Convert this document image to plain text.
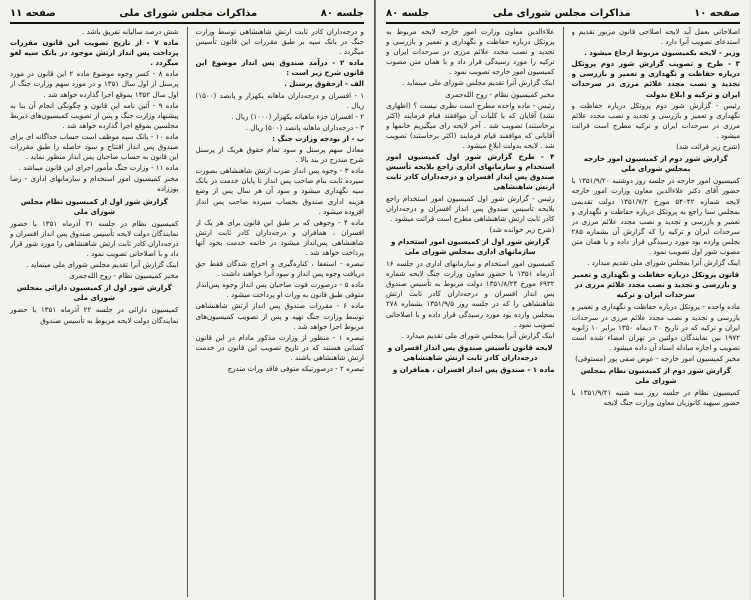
جلسه ۸۰
مذاکرات مجلس شورای ملی
صفحه ۱۱

و درجه‌داران کادر ثابت ارتش شاهنشاهی توسط وزارت جنگ در بانک سپه بر طبق مقررات این قانون تأسیس میگردد .

ماده ۲ - درآمد صندوق پس انداز موضوع این قانون شرح زیر است :

الف - ازحقوق پرسنل .

۱ - افسران و درجه‌داران ماهانه یکهزار و پانصد (۱۵۰۰) ریال .

۲ - افسران جزء ماهیانه یکهزار (۱۰۰۰) ریال .

۳ - درجه‌داران ماهانه پانصد (۵۰۰) ریال .

ب - از بودجه وزارت جنگ :

معادل سهم پرسنل و سود تمام حقوق هریک از پرسنل شرح مندرج در بند بالا .

ماده ۳ - وجوه پس انداز ضرب ارتش شاهنشاهی بصورت سپرده ثابت بنام صاحب پس انداز تا پایان خدمت در بانک سپه نگهداری میشود و سود آن هر سال پس از وضع هزینه اداری صندوق بحساب سپرده صاحب پس انداز افزوده میشود .

ماده ۴ - وجوهی که بر طبق این قانون برای هر یک از افسران ، همافران و درجه‌داران کادر ثابت ارتش شاهنشاهی پس‌انداز میشود در خاتمه خدمت بخود آنها پرداخت خواهد شد .

تبصره - استعفا ، کناره‌گیری و اخراج شدگان فقط حق دریافت وجوه پس انداز و سود آنرا خواهند داشت .

ماده ۵ - درصورت فوت صاحبان پس انداز وجوه پس‌انداز متوفی طبق قانون به وراث او پرداخت میشود .

ماده ۶ - مقررات صندوق پس انداز ارتش شاهنشاهی توسط وزارت جنگ تهیه و پس از تصویب کمیسیون‌های مربوط اجرا خواهد شد .

تبصره ۱ - منظور از وزارت مذکور مادام در این قانون کسانی هستند که در تاریخ تصویب این قانون در خدمت ارتش شاهنشاهی باشند .

تبصره ۲ - درصورتیکه متوفی فاقد وراث مندرج

شش درصد سالیانه تفریق باشد .

ماده ۷ - از تاریخ تصویب این قانون مقررات پرداخت پس انداز ارتش موجود در بانک سپه لغو میگردد .

ماده ۸ - کسر وجوه موضوع ماده ۲ این قانون در مورد پرسنل از اول سال ۱۳۵۱ و در مورد سهم وزارت جنگ از اول سال ۱۳۵۲ بموقع اجرا گذارده خواهد شد .

ماده ۹ - آئین نامه این قانون و چگونگی انجام آن بنا به پیشنهاد وزارت جنگ و پس از تصویب کمیسیون‌های ذیربط مجلسین بموقع اجرا گذارده خواهد شد .

ماده ۱۰ - بانک سپه موظف است حساب جداگانه ای برای صندوق پس انداز افتتاح و سود حاصله را طبق مقررات این قانون به حساب صاحبان پس انداز منظور نماید .

ماده ۱۱ - وزارت جنگ مأمور اجرای این قانون میباشد .

مخبر کمیسیون امور استخدام و سازمانهای اداری - رضا پوززاده

گزارش شور اول از کمیسیون نظام مجلس شورای ملی

کمیسیون نظام در جلسه ۲۱ آذرماه ۱۳۵۱ با حضور نمایندگان دولت لایحه تأسیس صندوق پس انداز افسران و درجه‌داران کادر ثابت ارتش شاهنشاهی را مورد شور قرار داد و با اصلاحاتی تصویب نمود .

اینک گزارش آنرا تقدیم مجلس شورای ملی مینماید .

مخبر کمیسیون نظام - روح الله‌جمری

گزارش شور اول از کمیسیون دارائی بمجلس شورای ملی

کمیسیون دارائی در جلسه ۲۲ آذرماه ۱۳۵۱ با حضور نمایندگان دولت لایحه مربوط به تأسیس صندوق

صفحه ۱۰
مذاکرات مجلس شورای ملی
جلسه ۸۰

اصلاحاتی بعمل آید لایحه اصلاحی قانون مزبور تقدیم و استدعای تصویب آنرا دارد .

وزیر - لایحه بکمیسیون مربوط ارجاع میشود .

۳ - طرح و تصویب گزارش شور دوم پروتکل درباره حفاظت و نگهداری و تعمیر و بازرسی و تجدید و نصب مجدد علائم مرزی در سرحدات ایران و ترکیه و ابلاغ بدولت

رئیس - گزارش شور دوم پروتکل درباره حفاظت و نگهداری و تعمیر و بازرسی و تجدید و نصب مجدد علائم مرزی در سرحدات ایران و ترکیه مطرح است قرائت میشود .

(شرح زیر قرائت شد)

گزارش شور دوم از کمیسیون امور خارجه بمجلس شورای ملی

کمیسیون امور خارجه در جلسه روز دوشنبه ۱۳۵۱/۹/۲۰ با حضور آقای دکتر علاءالدین معاون وزارت امور خارجه لایحه شماره ۵۴۰۴۲ مورخ ۱۳۵۱/۷/۲ دولت تقدیمی بمجلس سنا راجع به پروتکل درباره حفاظت و نگهداری و تعمیر و بازرسی و تجدید و نصب مجدد علائم مرزی در سرحدات ایران و ترکیه را که گزارش آن بشماره ۲۸۵ بجلس وارده بود مورد رسیدگی قرار داده و با همان متن مصوب شور اول تصویب نمود .

اینک گزارش آنرا بمجلس شورای ملی تقدیم میدارد .

قانون پروتکل درباره حفاظت و نگهداری و تعمیر و بازرسی و تجدید و نصب مجدد علائم مرزی در سرحدات ایران و ترکیه

ماده واحده - پروتکل درباره حفاظت و نگهداری و تعمیر و بازرسی و تجدید و نصب مجدد علائم مرزی در سرحدات ایران و ترکیه که در تاریخ ۲۰ دیماه ۱۳۵۰ برابر ۱۰ ژانویه ۱۹۷۲ بین نمایندگان دولتین در تهران امضاء شده است تصویب و اجازه مبادله اسناد آن داده میشود .

مخبر کمیسیون امور خارجه - عوض صفی پور (مستوفی)

گزارش شور دوم از کمیسیون نظام بمجلس شورای ملی

کمیسیون نظام در جلسه روز سه شنبه ۱۳۵۱/۹/۲۱ با حضور سپهبد کاتوزیان معاون وزارت جنگ لایحه

علاءالدین معاون وزارت امور خارجه لایحه مربوط به پروتکل درباره حفاظت و نگهداری و تعمیر و بازرسی و تجدید و نصب مجدد علائم مرزی در سرحدات ایران و ترکیه را مورد رسیدگی قرار داد و با همان متن مصوب کمیسیون امور خارجه تصویب نمود .

اینک گزارش آنرا تقدیم مجلس شورای ملی مینماید .

مخبر کمیسیون نظام - روح الله‌جمری

رئیس - ماده واحده مطرح است نظری نیست ؟ (اظهاری نشد) آقایان که با کلیات آن موافقند قیام فرمایند (اکثر برخاستند) تصویب شد . آخر لایحه رای میگیریم خانمها و آقایانی که موافقند قیام فرمایند (اکثر برخاستند) تصویب شد . لایحه بدولت ابلاغ میشود .

۴ - طرح گزارش شور اول کمیسیون امور استخدام و سازمانهای اداری راجع بلایحه تأسیس صندوق پس انداز افسران و درجه‌داران کادر ثابت ارتش شاهنشاهی

رئیس - گزارش شور اول کمیسیون امور استخدام راجع بلایحه تأسیس صندوق پس انداز افسران و درجه‌داران کادر ثابت ارتش شاهنشاهی مطرح است قرائت میشود .

(شرح زیر خوانده شد)

گزارش شور اول از کمیسیون امور استخدام و سازمانهای اداری بمجلس شورای ملی

کمیسیون امور استخدام و سازمانهای اداری در جلسه ۱۶ آذرماه ۱۳۵۱ با حضور معاون وزارت جنگ لایحه شماره ۶۹۳۲ مورخ ۱۳۵۱/۸/۲۴ دولت مربوط به تأسیس صندوق پس انداز افسران و درجه‌داران کادر ثابت ارتش شاهنشاهی را که در جلسه روز ۱۳۵۱/۹/۵ بشماره ۲۷۸ بمجلس وارده بود مورد رسیدگی قرار داده و با اصلاحاتی تصویب نمود .

اینک گزارش آنرا بمجلس شورای ملی تقدیم میدارد .

لایحه قانون تأسیس صندوق پس انداز افسران و درجه‌داران کادر ثابت ارتش شاهنشاهی

ماده ۱ - صندوق پس انداز افسران ، همافران و
